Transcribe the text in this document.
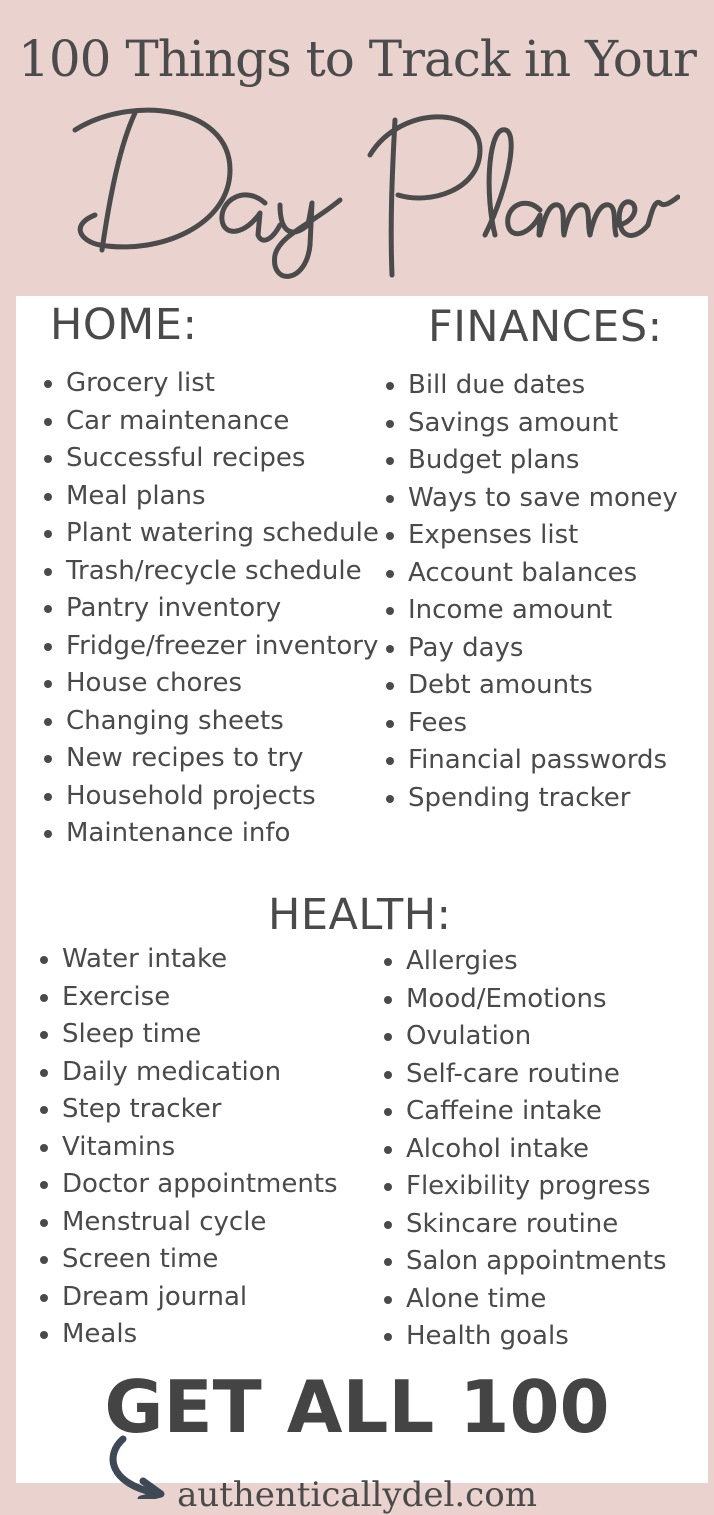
100 Things to Track in Your
HOME:	FINANCES:
Grocery list
Car maintenance
Successful recipes
Meal plans
Plant watering schedule
Trash/recycle schedule
Pantry inventory
Fridge/freezer inventory
House chores
Changing sheets
New recipes to try
Household projects
Maintenance info
Bill due dates
Savings amount
Budget plans
Ways to save money
Expenses list
Account balances
Income amount
Pay days
Debt amounts
Fees
Financial passwords
Spending tracker
HEALTH:
Water intake
Exercise
Sleep time
Daily medication
Step tracker
Vitamins
Doctor appointments
Menstrual cycle
Screen time
Dream journal
Meals
Allergies
Mood/Emotions
Ovulation
Self-care routine
Caffeine intake
Alcohol intake
Flexibility progress
Skincare routine
Salon appointments
Alone time
Health goals
GET ALL 100
authenticallydel.com
